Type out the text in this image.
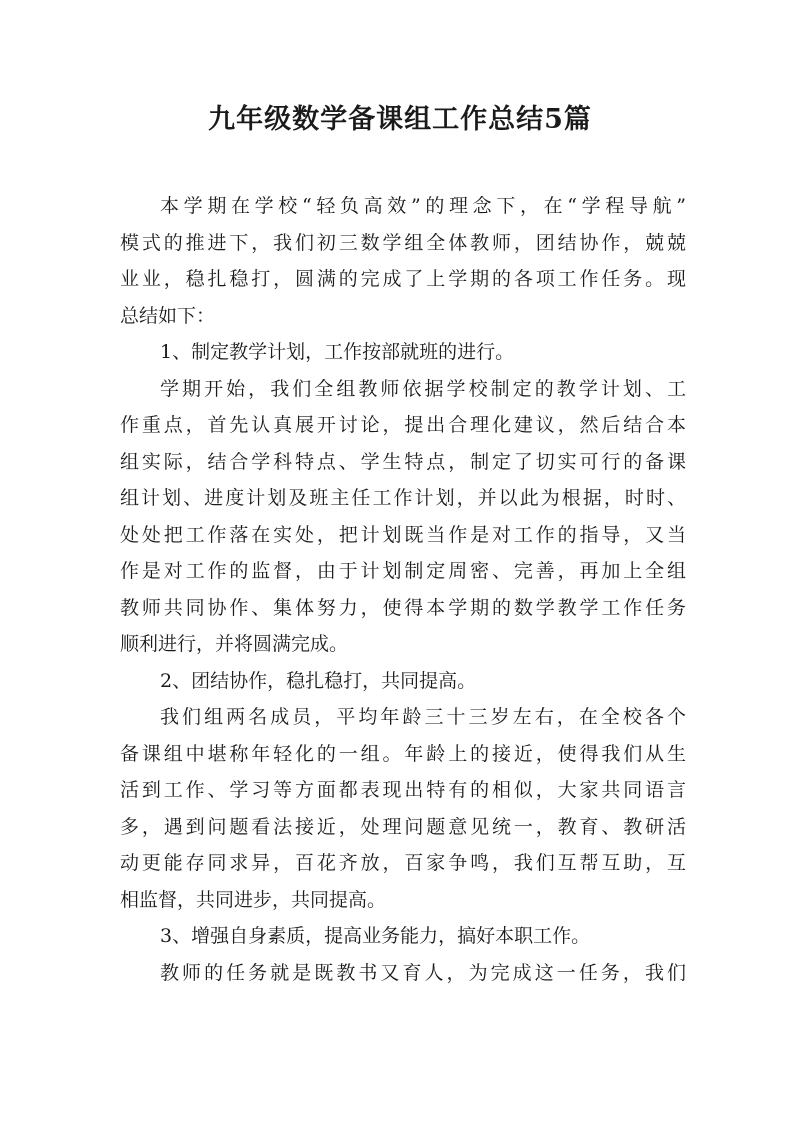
九年级数学备课组工作总结5篇
本学期在学校“轻负高效”的理念下，在“学程导航”
模式的推进下，我们初三数学组全体教师，团结协作，兢兢
业业，稳扎稳打，圆满的完成了上学期的各项工作任务。现
总结如下：
1、制定教学计划，工作按部就班的进行。
学期开始，我们全组教师依据学校制定的教学计划、工
作重点，首先认真展开讨论，提出合理化建议，然后结合本
组实际，结合学科特点、学生特点，制定了切实可行的备课
组计划、进度计划及班主任工作计划，并以此为根据，时时、
处处把工作落在实处，把计划既当作是对工作的指导，又当
作是对工作的监督，由于计划制定周密、完善，再加上全组
教师共同协作、集体努力，使得本学期的数学教学工作任务
顺利进行，并将圆满完成。
2、团结协作，稳扎稳打，共同提高。
我们组两名成员，平均年龄三十三岁左右，在全校各个
备课组中堪称年轻化的一组。年龄上的接近，使得我们从生
活到工作、学习等方面都表现出特有的相似，大家共同语言
多，遇到问题看法接近，处理问题意见统一，教育、教研活
动更能存同求异，百花齐放，百家争鸣，我们互帮互助，互
相监督，共同进步，共同提高。
3、增强自身素质，提高业务能力，搞好本职工作。
教师的任务就是既教书又育人，为完成这一任务，我们
